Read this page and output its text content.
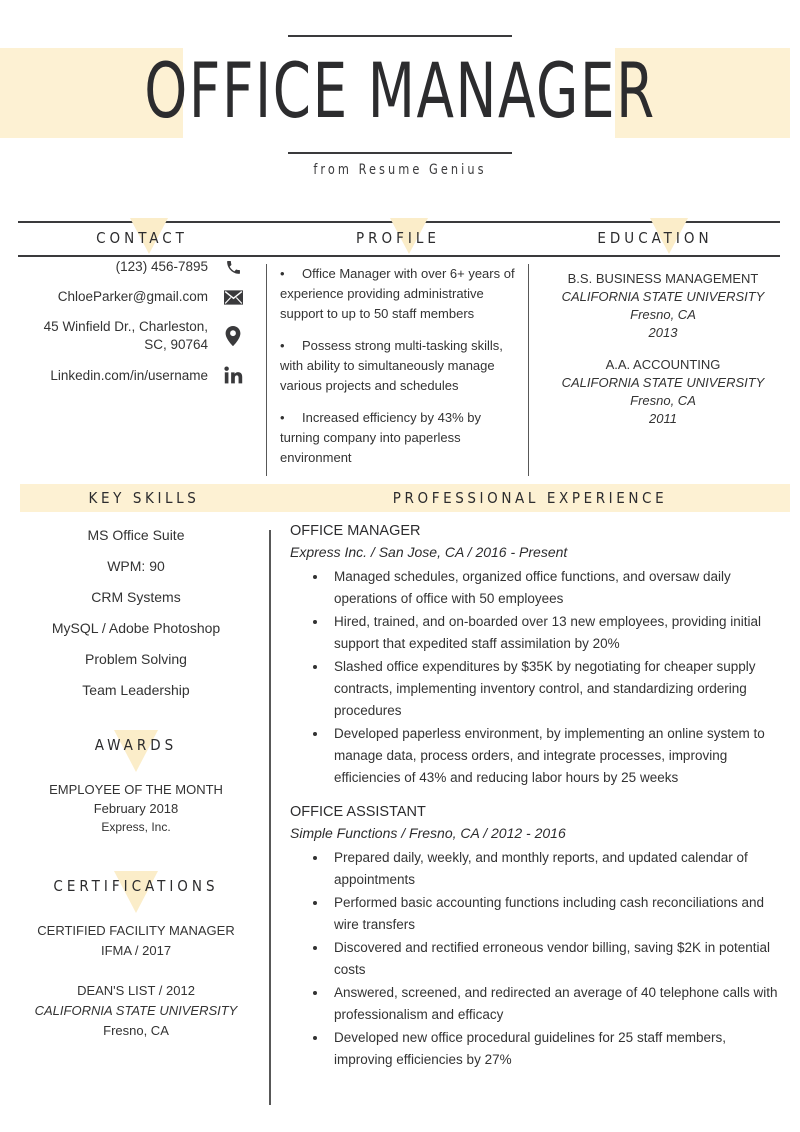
OFFICE MANAGER
from Resume Genius
CONTACT	PROFILE	EDUCATION
(123) 456-7895
ChloeParker@gmail.com
45 Winfield Dr., Charleston, SC, 90764
Linkedin.com/in/username
• Office Manager with over 6+ years of experience providing administrative support to up to 50 staff members
• Possess strong multi-tasking skills, with ability to simultaneously manage various projects and schedules
• Increased efficiency by 43% by turning company into paperless environment
B.S. BUSINESS MANAGEMENT
CALIFORNIA STATE UNIVERSITY
Fresno, CA
2013
A.A. ACCOUNTING
CALIFORNIA STATE UNIVERSITY
Fresno, CA
2011
KEY SKILLS	PROFESSIONAL EXPERIENCE
MS Office Suite
WPM: 90
CRM Systems
MySQL / Adobe Photoshop
Problem Solving
Team Leadership
AWARDS
EMPLOYEE OF THE MONTH
February 2018
Express, Inc.
CERTIFICATIONS
CERTIFIED FACILITY MANAGER
IFMA / 2017
DEAN'S LIST / 2012
CALIFORNIA STATE UNIVERSITY
Fresno, CA
OFFICE MANAGER
Express Inc. / San Jose, CA / 2016 - Present
• Managed schedules, organized office functions, and oversaw daily operations of office with 50 employees
• Hired, trained, and on-boarded over 13 new employees, providing initial support that expedited staff assimilation by 20%
• Slashed office expenditures by $35K by negotiating for cheaper supply contracts, implementing inventory control, and standardizing ordering procedures
• Developed paperless environment, by implementing an online system to manage data, process orders, and integrate processes, improving efficiencies of 43% and reducing labor hours by 25 weeks
OFFICE ASSISTANT
Simple Functions / Fresno, CA / 2012 - 2016
• Prepared daily, weekly, and monthly reports, and updated calendar of appointments
• Performed basic accounting functions including cash reconciliations and wire transfers
• Discovered and rectified erroneous vendor billing, saving $2K in potential costs
• Answered, screened, and redirected an average of 40 telephone calls with professionalism and efficacy
• Developed new office procedural guidelines for 25 staff members, improving efficiencies by 27%
